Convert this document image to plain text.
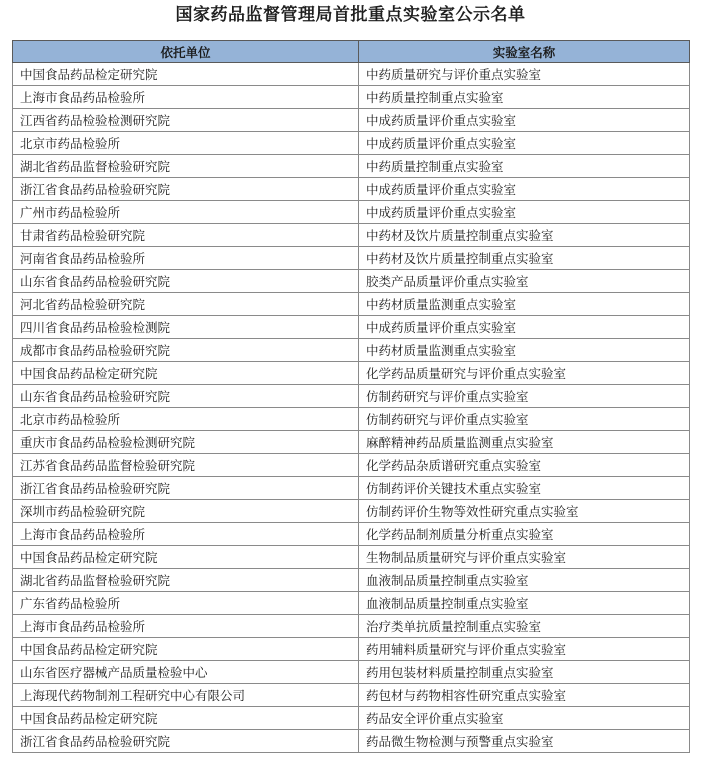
国家药品监督管理局首批重点实验室公示名单
依托单位	实验室名称
中国食品药品检定研究院	中药质量研究与评价重点实验室
上海市食品药品检验所	中药质量控制重点实验室
江西省药品检验检测研究院	中成药质量评价重点实验室
北京市药品检验所	中成药质量评价重点实验室
湖北省药品监督检验研究院	中药质量控制重点实验室
浙江省食品药品检验研究院	中成药质量评价重点实验室
广州市药品检验所	中成药质量评价重点实验室
甘肃省药品检验研究院	中药材及饮片质量控制重点实验室
河南省食品药品检验所	中药材及饮片质量控制重点实验室
山东省食品药品检验研究院	胶类产品质量评价重点实验室
河北省药品检验研究院	中药材质量监测重点实验室
四川省食品药品检验检测院	中成药质量评价重点实验室
成都市食品药品检验研究院	中药材质量监测重点实验室
中国食品药品检定研究院	化学药品质量研究与评价重点实验室
山东省食品药品检验研究院	仿制药研究与评价重点实验室
北京市药品检验所	仿制药研究与评价重点实验室
重庆市食品药品检验检测研究院	麻醉精神药品质量监测重点实验室
江苏省食品药品监督检验研究院	化学药品杂质谱研究重点实验室
浙江省食品药品检验研究院	仿制药评价关键技术重点实验室
深圳市药品检验研究院	仿制药评价生物等效性研究重点实验室
上海市食品药品检验所	化学药品制剂质量分析重点实验室
中国食品药品检定研究院	生物制品质量研究与评价重点实验室
湖北省药品监督检验研究院	血液制品质量控制重点实验室
广东省药品检验所	血液制品质量控制重点实验室
上海市食品药品检验所	治疗类单抗质量控制重点实验室
中国食品药品检定研究院	药用辅料质量研究与评价重点实验室
山东省医疗器械产品质量检验中心	药用包装材料质量控制重点实验室
上海现代药物制剂工程研究中心有限公司	药包材与药物相容性研究重点实验室
中国食品药品检定研究院	药品安全评价重点实验室
浙江省食品药品检验研究院	药品微生物检测与预警重点实验室
